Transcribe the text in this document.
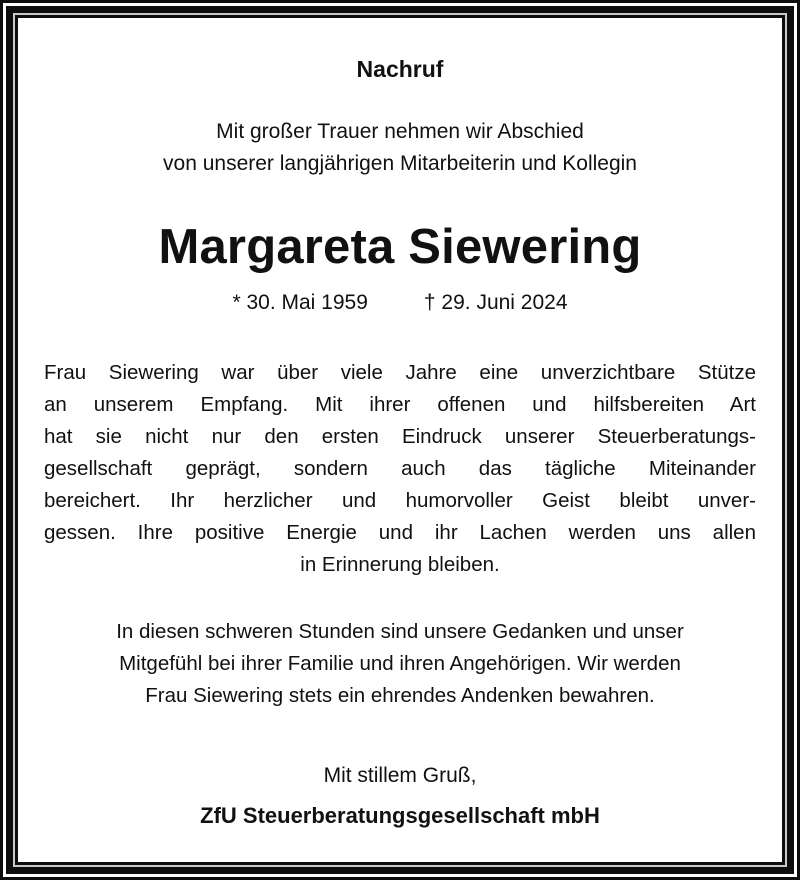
Nachruf
Mit großer Trauer nehmen wir Abschied
von unserer langjährigen Mitarbeiterin und Kollegin
Margareta Siewering
* 30. Mai 1959	† 29. Juni 2024
Frau Siewering war über viele Jahre eine unverzichtbare Stütze
an unserem Empfang. Mit ihrer offenen und hilfsbereiten Art
hat sie nicht nur den ersten Eindruck unserer Steuerberatungs-
gesellschaft geprägt, sondern auch das tägliche Miteinander
bereichert. Ihr herzlicher und humorvoller Geist bleibt unver-
gessen. Ihre positive Energie und ihr Lachen werden uns allen
in Erinnerung bleiben.
In diesen schweren Stunden sind unsere Gedanken und unser
Mitgefühl bei ihrer Familie und ihren Angehörigen. Wir werden
Frau Siewering stets ein ehrendes Andenken bewahren.
Mit stillem Gruß,
ZfU Steuerberatungsgesellschaft mbH
